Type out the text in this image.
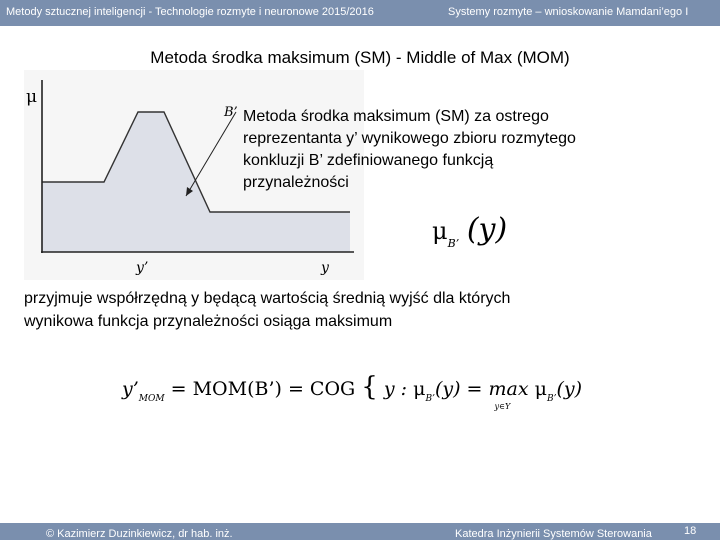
Metody sztucznej inteligencji - Technologie rozmyte i neuronowe 2015/2016	Systemy rozmyte – wnioskowanie Mamdani’ego I
Metoda środka maksimum (SM) - Middle of Max (MOM)
μ
B’
y’	y
Metoda środka maksimum (SM) za ostrego
reprezentanta y’ wynikowego zbioru rozmytego
konkluzji B’ zdefiniowanego funkcją
przynależności
$\mu_{B’}$ (y)
przyjmuje współrzędną y będącą wartością średnią wyjść dla których
wynikowa funkcja przynależności osiąga maksimum
$y’_{MOM}$ = MOM(B’) = COG { y : $\mu_{B’}(y) = \max$
y∈Y
$\mu_{B’}(y)$
© Kazimierz Duzinkiewicz, dr hab. inż.	Katedra Inżynierii Systemów Sterowania	18
